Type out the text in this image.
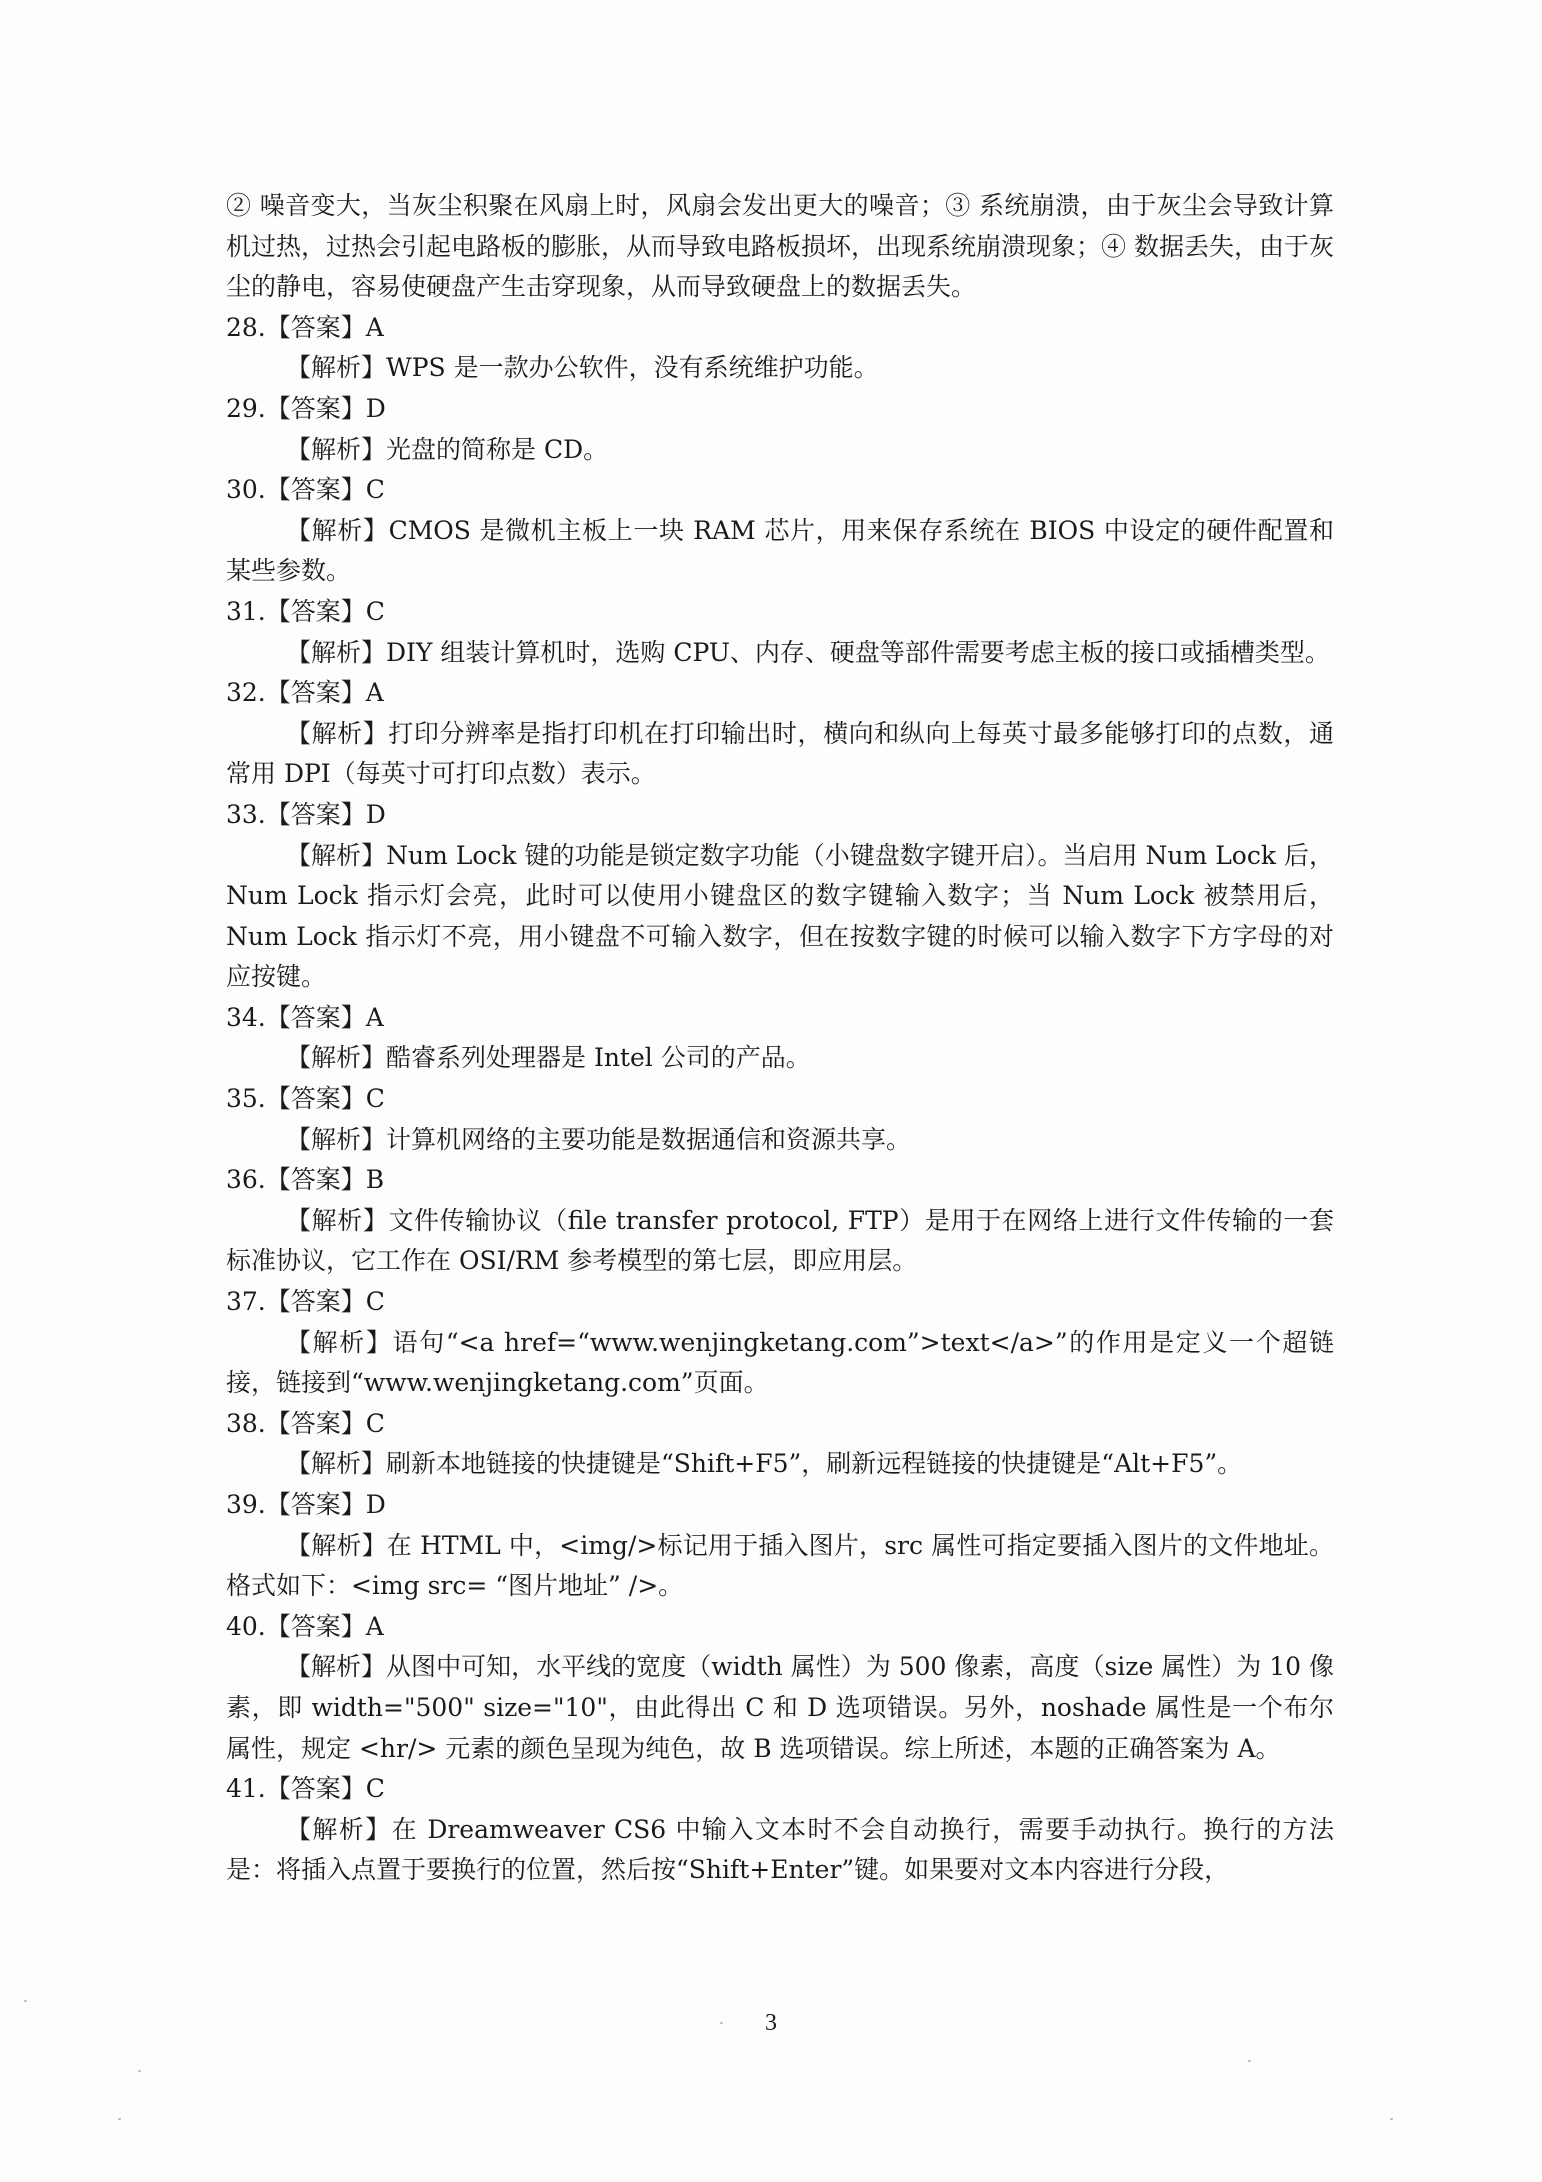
② 噪音变大，当灰尘积聚在风扇上时，风扇会发出更大的噪音；③ 系统崩溃，由于灰尘会导致计算机过热，过热会引起电路板的膨胀，从而导致电路板损坏，出现系统崩溃现象；④ 数据丢失，由于灰尘的静电，容易使硬盘产生击穿现象，从而导致硬盘上的数据丢失。

28.【答案】A

【解析】WPS 是一款办公软件，没有系统维护功能。

29.【答案】D

【解析】光盘的简称是 CD。

30.【答案】C

【解析】CMOS 是微机主板上一块 RAM 芯片，用来保存系统在 BIOS 中设定的硬件配置和某些参数。

31.【答案】C

【解析】DIY 组装计算机时，选购 CPU、内存、硬盘等部件需要考虑主板的接口或插槽类型。

32.【答案】A

【解析】打印分辨率是指打印机在打印输出时，横向和纵向上每英寸最多能够打印的点数，通常用 DPI（每英寸可打印点数）表示。

33.【答案】D

【解析】Num Lock 键的功能是锁定数字功能（小键盘数字键开启）。当启用 Num Lock 后，Num Lock 指示灯会亮，此时可以使用小键盘区的数字键输入数字；当 Num Lock 被禁用后，Num Lock 指示灯不亮，用小键盘不可输入数字，但在按数字键的时候可以输入数字下方字母的对应按键。

34.【答案】A

【解析】酷睿系列处理器是 Intel 公司的产品。

35.【答案】C

【解析】计算机网络的主要功能是数据通信和资源共享。

36.【答案】B

【解析】文件传输协议（file transfer protocol, FTP）是用于在网络上进行文件传输的一套标准协议，它工作在 OSI/RM 参考模型的第七层，即应用层。

37.【答案】C

【解析】语句“<a href=“www.wenjingketang.com”>text</a>”的作用是定义一个超链接，链接到“www.wenjingketang.com”页面。

38.【答案】C

【解析】刷新本地链接的快捷键是“Shift+F5”，刷新远程链接的快捷键是“Alt+F5”。

39.【答案】D

【解析】在 HTML 中，<img/>标记用于插入图片，src 属性可指定要插入图片的文件地址。格式如下：<img src= “图片地址” />。

40.【答案】A

【解析】从图中可知，水平线的宽度（width 属性）为 500 像素，高度（size 属性）为 10 像素，即 width="500" size="10"，由此得出 C 和 D 选项错误。另外，noshade 属性是一个布尔属性，规定 <hr/> 元素的颜色呈现为纯色，故 B 选项错误。综上所述，本题的正确答案为 A。

41.【答案】C

【解析】在 Dreamweaver CS6 中输入文本时不会自动换行，需要手动执行。换行的方法是：将插入点置于要换行的位置，然后按“Shift+Enter”键。如果要对文本内容进行分段，

3
